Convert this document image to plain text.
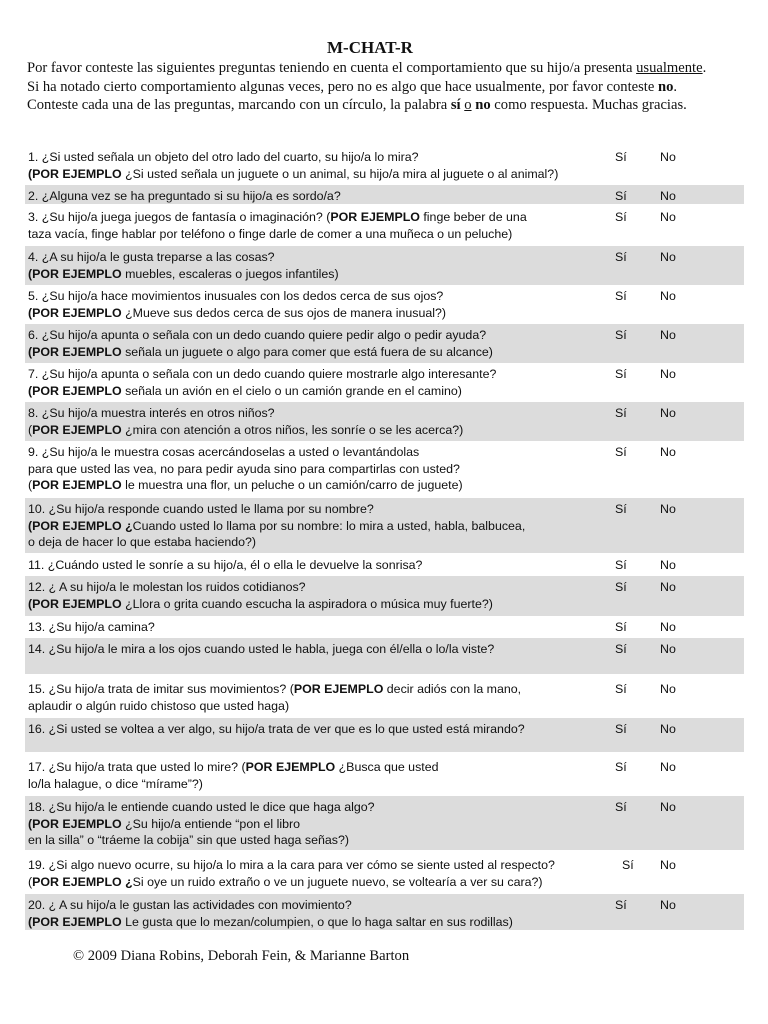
M-CHAT-R

Por favor conteste las siguientes preguntas teniendo en cuenta el comportamiento que su hijo/a presenta usualmente. Si ha notado cierto comportamiento algunas veces, pero no es algo que hace usualmente, por favor conteste no. Conteste cada una de las preguntas, marcando con un círculo, la palabra sí o no como respuesta. Muchas gracias.

1. ¿Si usted señala un objeto del otro lado del cuarto, su hijo/a lo mira?
(POR EJEMPLO ¿Si usted señala un juguete o un animal, su hijo/a mira al juguete o al animal?)
Sí	No
2. ¿Alguna vez se ha preguntado si su hijo/a es sordo/a?	Sí	No
3. ¿Su hijo/a juega juegos de fantasía o imaginación? (POR EJEMPLO finge beber de una
taza vacía, finge hablar por teléfono o finge darle de comer a una muñeca o un peluche)
Sí	No
4. ¿A su hijo/a le gusta treparse a las cosas?
(POR EJEMPLO muebles, escaleras o juegos infantiles)
Sí	No
5. ¿Su hijo/a hace movimientos inusuales con los dedos cerca de sus ojos?
(POR EJEMPLO ¿Mueve sus dedos cerca de sus ojos de manera inusual?)
Sí	No
6. ¿Su hijo/a apunta o señala con un dedo cuando quiere pedir algo o pedir ayuda?
(POR EJEMPLO señala un juguete o algo para comer que está fuera de su alcance)
Sí	No
7. ¿Su hijo/a apunta o señala con un dedo cuando quiere mostrarle algo interesante?
(POR EJEMPLO señala un avión en el cielo o un camión grande en el camino)
Sí	No
8. ¿Su hijo/a muestra interés en otros niños?
(POR EJEMPLO ¿mira con atención a otros niños, les sonríe o se les acerca?)
Sí	No
9. ¿Su hijo/a le muestra cosas acercándoselas a usted o levantándolas
para que usted las vea, no para pedir ayuda sino para compartirlas con usted?
(POR EJEMPLO le muestra una flor, un peluche o un camión/carro de juguete)
Sí	No
10. ¿Su hijo/a responde cuando usted le llama por su nombre?
(POR EJEMPLO ¿Cuando usted lo llama por su nombre: lo mira a usted, habla, balbucea,
o deja de hacer lo que estaba haciendo?)
Sí	No
11. ¿Cuándo usted le sonríe a su hijo/a, él o ella le devuelve la sonrisa?	Sí	No
12. ¿ A su hijo/a le molestan los ruidos cotidianos?
(POR EJEMPLO ¿Llora o grita cuando escucha la aspiradora o música muy fuerte?)
Sí	No
13. ¿Su hijo/a camina?	Sí	No
14. ¿Su hijo/a le mira a los ojos cuando usted le habla, juega con él/ella o lo/la viste?	Sí	No
15. ¿Su hijo/a trata de imitar sus movimientos? (POR EJEMPLO decir adiós con la mano,
aplaudir o algún ruido chistoso que usted haga)
Sí	No
16. ¿Si usted se voltea a ver algo, su hijo/a trata de ver que es lo que usted está mirando?	Sí	No
17. ¿Su hijo/a trata que usted lo mire? (POR EJEMPLO ¿Busca que usted
lo/la halague, o dice “mírame”?)
Sí	No
18. ¿Su hijo/a le entiende cuando usted le dice que haga algo?
(POR EJEMPLO ¿Su hijo/a entiende “pon el libro
en la silla” o “tráeme la cobija” sin que usted haga señas?)
Sí	No
19. ¿Si algo nuevo ocurre, su hijo/a lo mira a la cara para ver cómo se siente usted al respecto?
(POR EJEMPLO ¿Si oye un ruido extraño o ve un juguete nuevo, se voltearía a ver su cara?)
Sí No
20. ¿ A su hijo/a le gustan las actividades con movimiento?
(POR EJEMPLO Le gusta que lo mezan/columpien, o que lo haga saltar en sus rodillas)
Sí	No

© 2009 Diana Robins, Deborah Fein, & Marianne Barton
